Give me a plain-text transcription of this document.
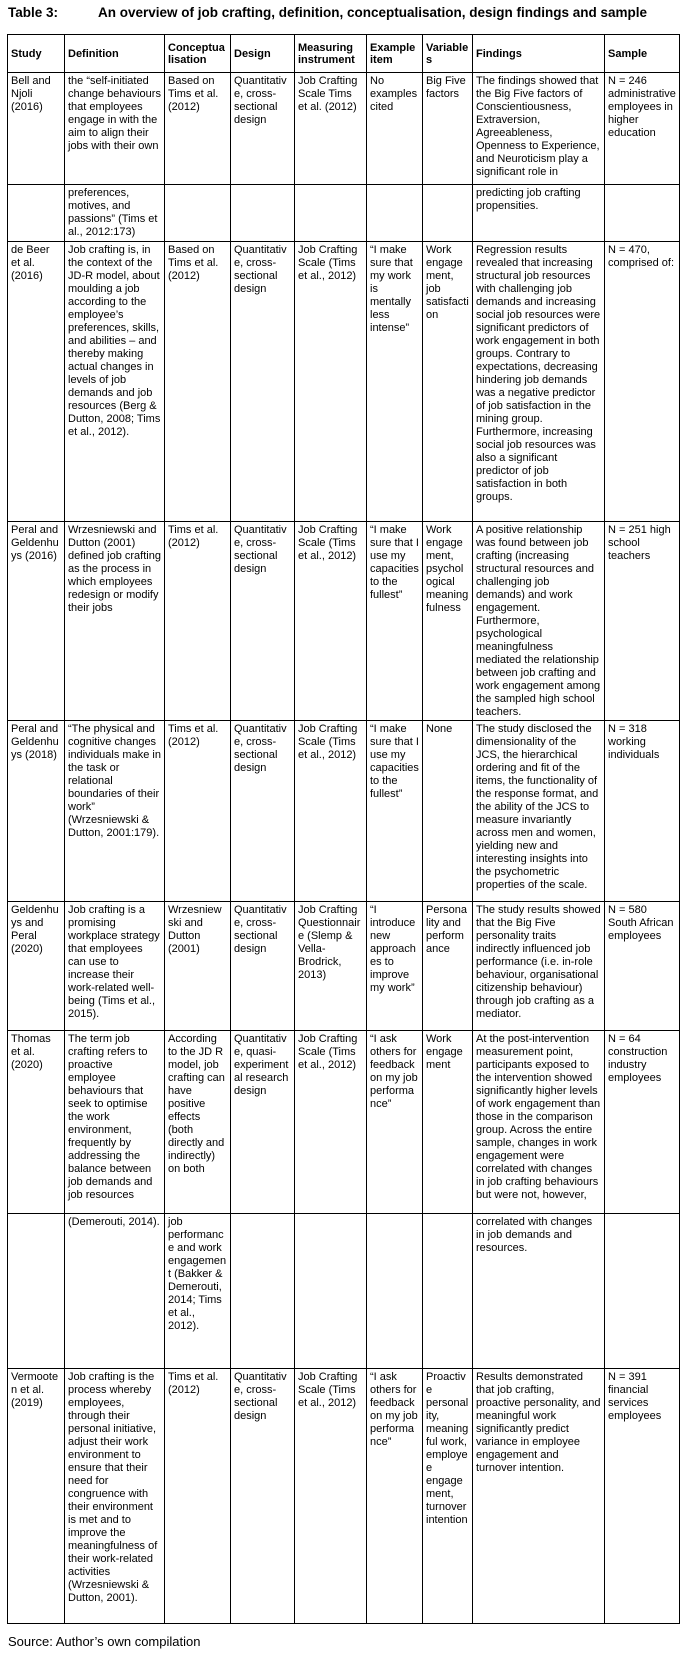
Table 3:	An overview of job crafting, definition, conceptualisation, design findings and sample
Study	Definition	Conceptualisation	Design	Measuring instrument	Example item	Variables	Findings	Sample
Bell and Njoli (2016)	the “self-initiated change behaviours that employees engage in with the aim to align their jobs with their own	Based on Tims et al. (2012)	Quantitative, cross-sectional design	Job Crafting Scale Tims et al. (2012)	No examples cited	Big Five factors	The findings showed that the Big Five factors of Conscientiousness, Extraversion, Agreeableness, Openness to Experience, and Neuroticism play a significant role in	N = 246 administrative employees in higher education
	preferences, motives, and passions” (Tims et al., 2012:173)						predicting job crafting propensities.	
de Beer et al. (2016)	Job crafting is, in the context of the JD-R model, about moulding a job according to the employee’s preferences, skills, and abilities – and thereby making actual changes in levels of job demands and job resources (Berg & Dutton, 2008; Tims et al., 2012).	Based on Tims et al. (2012)	Quantitative, cross-sectional design	Job Crafting Scale (Tims et al., 2012)	“I make sure that my work is mentally less intense”	Work engagement, job satisfaction	Regression results revealed that increasing structural job resources with challenging job demands and increasing social job resources were significant predictors of work engagement in both groups. Contrary to expectations, decreasing hindering job demands was a negative predictor of job satisfaction in the mining group. Furthermore, increasing social job resources was also a significant predictor of job satisfaction in both groups.	N = 470, comprised of:
Peral and Geldenhuys (2016)	Wrzesniewski and Dutton (2001) defined job crafting as the process in which employees redesign or modify their jobs	Tims et al. (2012)	Quantitative, cross-sectional design	Job Crafting Scale (Tims et al., 2012)	“I make sure that I use my capacities to the fullest”	Work engagement, psychological meaningfulness	A positive relationship was found between job crafting (increasing structural resources and challenging job demands) and work engagement. Furthermore, psychological meaningfulness mediated the relationship between job crafting and work engagement among the sampled high school teachers.	N = 251 high school teachers
Peral and Geldenhuys (2018)	“The physical and cognitive changes individuals make in the task or relational boundaries of their work” (Wrzesniewski & Dutton, 2001:179).	Tims et al. (2012)	Quantitative, cross-sectional design	Job Crafting Scale (Tims et al., 2012)	“I make sure that I use my capacities to the fullest”	None	The study disclosed the dimensionality of the JCS, the hierarchical ordering and fit of the items, the functionality of the response format, and the ability of the JCS to measure invariantly across men and women, yielding new and interesting insights into the psychometric properties of the scale.	N = 318 working individuals
Geldenhuys and Peral (2020)	Job crafting is a promising workplace strategy that employees can use to increase their work-related well-being (Tims et al., 2015).	Wrzesniewski and Dutton (2001)	Quantitative, cross-sectional design	Job Crafting Questionnaire (Slemp & Vella-Brodrick, 2013)	“I introduce new approaches to improve my work”	Personality and performance	The study results showed that the Big Five personality traits indirectly influenced job performance (i.e. in-role behaviour, organisational citizenship behaviour) through job crafting as a mediator.	N = 580 South African employees
Thomas et al. (2020)	The term job crafting refers to proactive employee behaviours that seek to optimise the work environment, frequently by addressing the balance between job demands and job resources	According to the JD R model, job crafting can have positive effects (both directly and indirectly) on both	Quantitative, quasi-experimental research design	Job Crafting Scale (Tims et al., 2012)	“I ask others for feedback on my job performance”	Work engagement	At the post-intervention measurement point, participants exposed to the intervention showed significantly higher levels of work engagement than those in the comparison group. Across the entire sample, changes in work engagement were correlated with changes in job crafting behaviours but were not, however,	N = 64 construction industry employees
	(Demerouti, 2014).	job performance and work engagement (Bakker & Demerouti, 2014; Tims et al., 2012).					correlated with changes in job demands and resources.	
Vermooten et al. (2019)	Job crafting is the process whereby employees, through their personal initiative, adjust their work environment to ensure that their need for congruence with their environment is met and to improve the meaningfulness of their work-related activities (Wrzesniewski & Dutton, 2001).	Tims et al. (2012)	Quantitative, cross-sectional design	Job Crafting Scale (Tims et al., 2012)	“I ask others for feedback on my job performance”	Proactive personality, meaningful work, employee engagement, turnover intention	Results demonstrated that job crafting, proactive personality, and meaningful work significantly predict variance in employee engagement and turnover intention.	N = 391 financial services employees
Source: Author’s own compilation
